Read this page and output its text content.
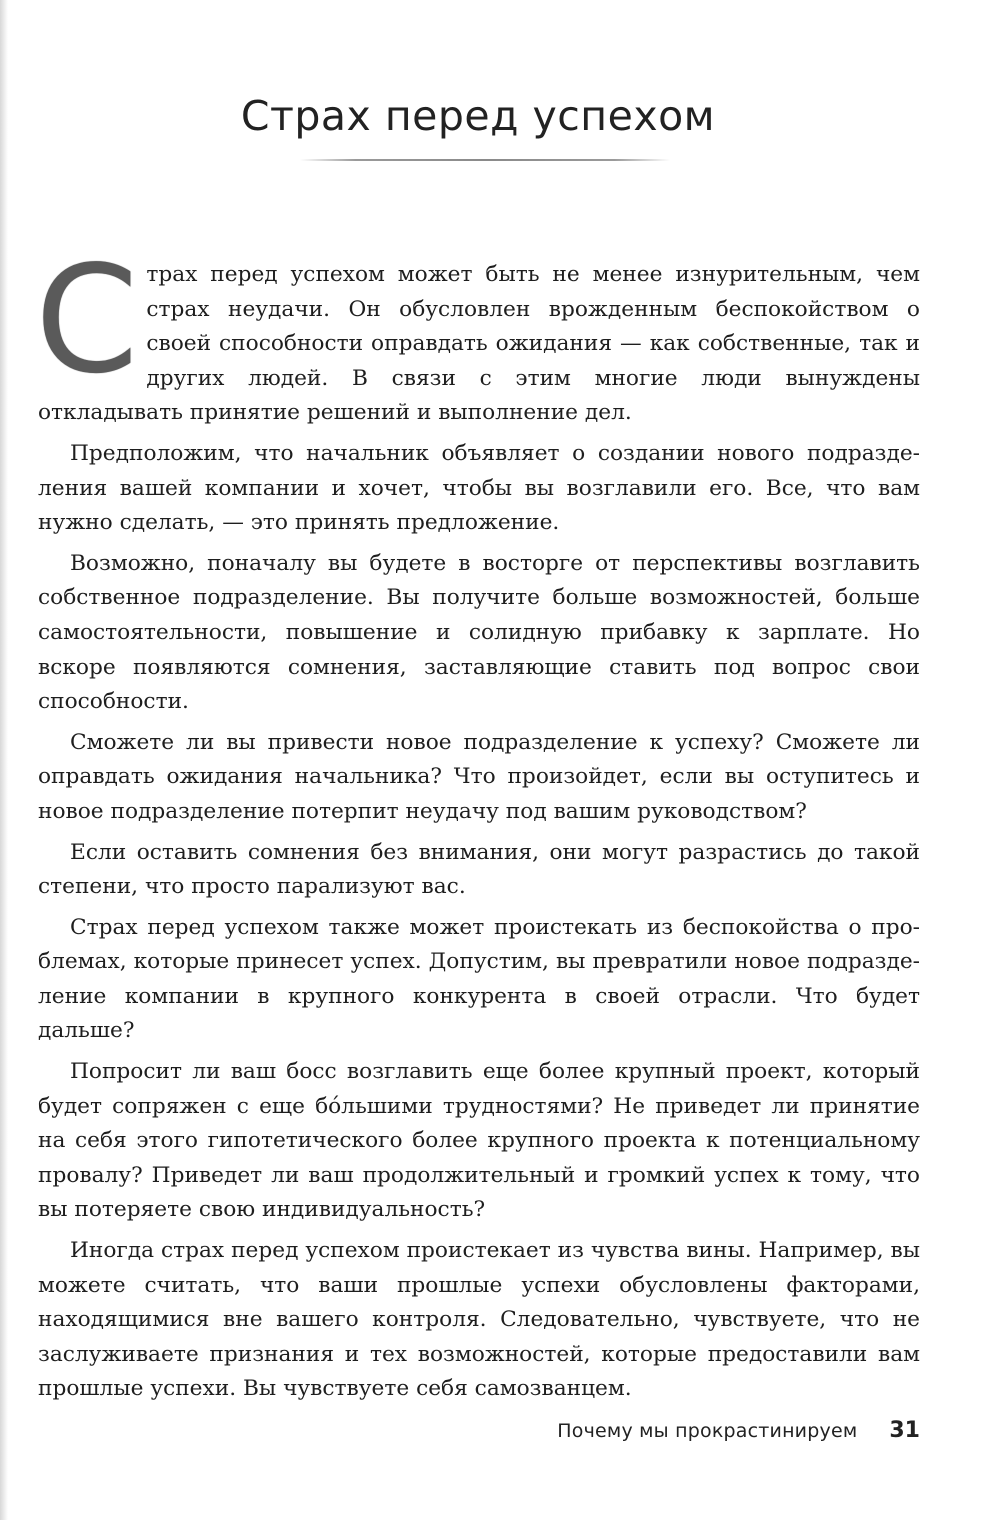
Страх перед успехом

Страх перед успехом может быть не менее изнурительным, чем страх неудачи. Он обусловлен врожденным беспокойством о своей способности оправдать ожидания — как собственные, так и других людей. В связи с этим многие люди вынуждены откладывать принятие решений и выполнение дел.

Предположим, что начальник объявляет о создании нового подразделения вашей компании и хочет, чтобы вы возглавили его. Все, что вам нужно сделать, — это принять предложение.

Возможно, поначалу вы будете в восторге от перспективы возглавить собственное подразделение. Вы получите больше возможностей, больше самостоятельности, повышение и солидную прибавку к зарплате. Но вскоре появляются сомнения, заставляющие ставить под вопрос свои способности.

Сможете ли вы привести новое подразделение к успеху? Сможете ли оправдать ожидания начальника? Что произойдет, если вы оступитесь и новое подразделение потерпит неудачу под вашим руководством?

Если оставить сомнения без внимания, они могут разрастись до такой степени, что просто парализуют вас.

Страх перед успехом также может проистекать из беспокойства о проблемах, которые принесет успех. Допустим, вы превратили новое подразделение компании в крупного конкурента в своей отрасли. Что будет дальше?

Попросит ли ваш босс возглавить еще более крупный проект, который будет сопряжен с еще бо́льшими трудностями? Не приведет ли принятие на себя этого гипотетического более крупного проекта к потенциальному провалу? Приведет ли ваш продолжительный и громкий успех к тому, что вы потеряете свою индивидуальность?

Иногда страх перед успехом проистекает из чувства вины. Например, вы можете считать, что ваши прошлые успехи обусловлены факторами, находящимися вне вашего контроля. Следовательно, чувствуете, что не заслуживаете признания и тех возможностей, которые предоставили вам прошлые успехи. Вы чувствуете себя самозванцем.

Почему мы прокрастинируем 31
